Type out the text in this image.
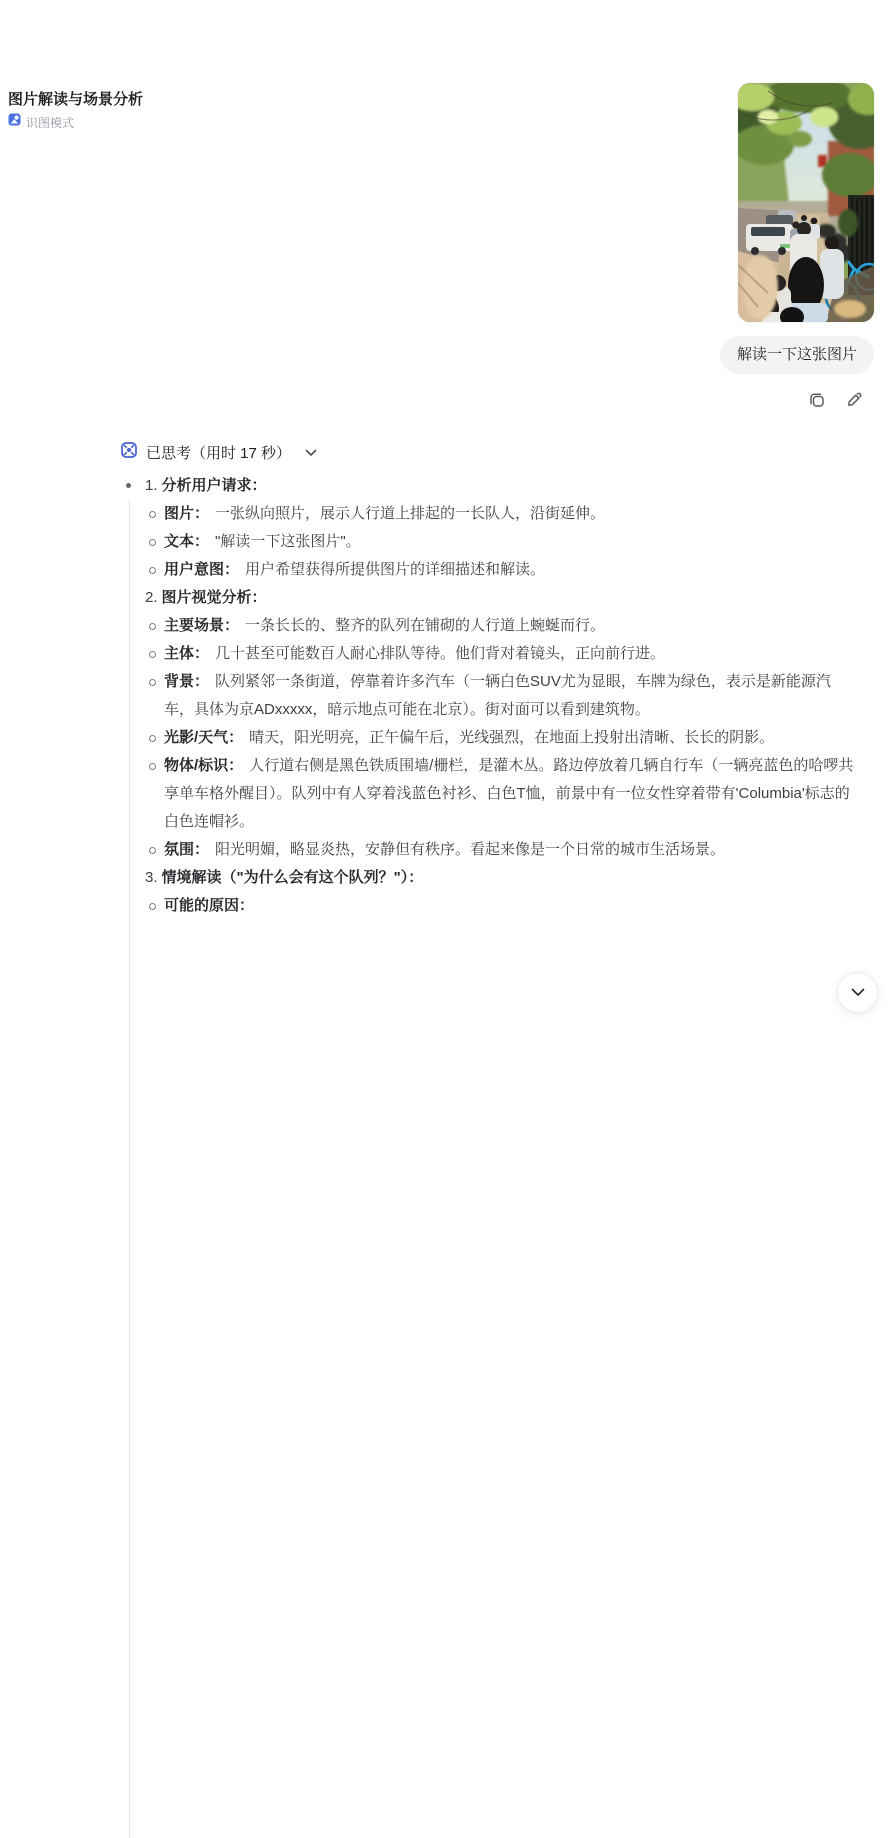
图片解读与场景分析
识图模式
解读一下这张图片
已思考（用时 17 秒）
1. 分析用户请求：
图片： 一张纵向照片，展示人行道上排起的一长队人，沿街延伸。
文本： "解读一下这张图片"。
用户意图： 用户希望获得所提供图片的详细描述和解读。
2. 图片视觉分析：
主要场景： 一条长长的、整齐的队列在铺砌的人行道上蜿蜒而行。
主体： 几十甚至可能数百人耐心排队等待。他们背对着镜头，正向前行进。
背景： 队列紧邻一条街道，停靠着许多汽车（一辆白色SUV尤为显眼，车牌为绿色，表示是新能源汽车，具体为京ADxxxxx，暗示地点可能在北京）。街对面可以看到建筑物。
光影/天气： 晴天，阳光明亮，正午偏午后，光线强烈，在地面上投射出清晰、长长的阴影。
物体/标识： 人行道右侧是黑色铁质围墙/栅栏，是灌木丛。路边停放着几辆自行车（一辆亮蓝色的哈啰共享单车格外醒目）。队列中有人穿着浅蓝色衬衫、白色T恤，前景中有一位女性穿着带有'Columbia'标志的白色连帽衫。
氛围： 阳光明媚，略显炎热，安静但有秩序。看起来像是一个日常的城市生活场景。
3. 情境解读（"为什么会有这个队列？"）：
可能的原因：
